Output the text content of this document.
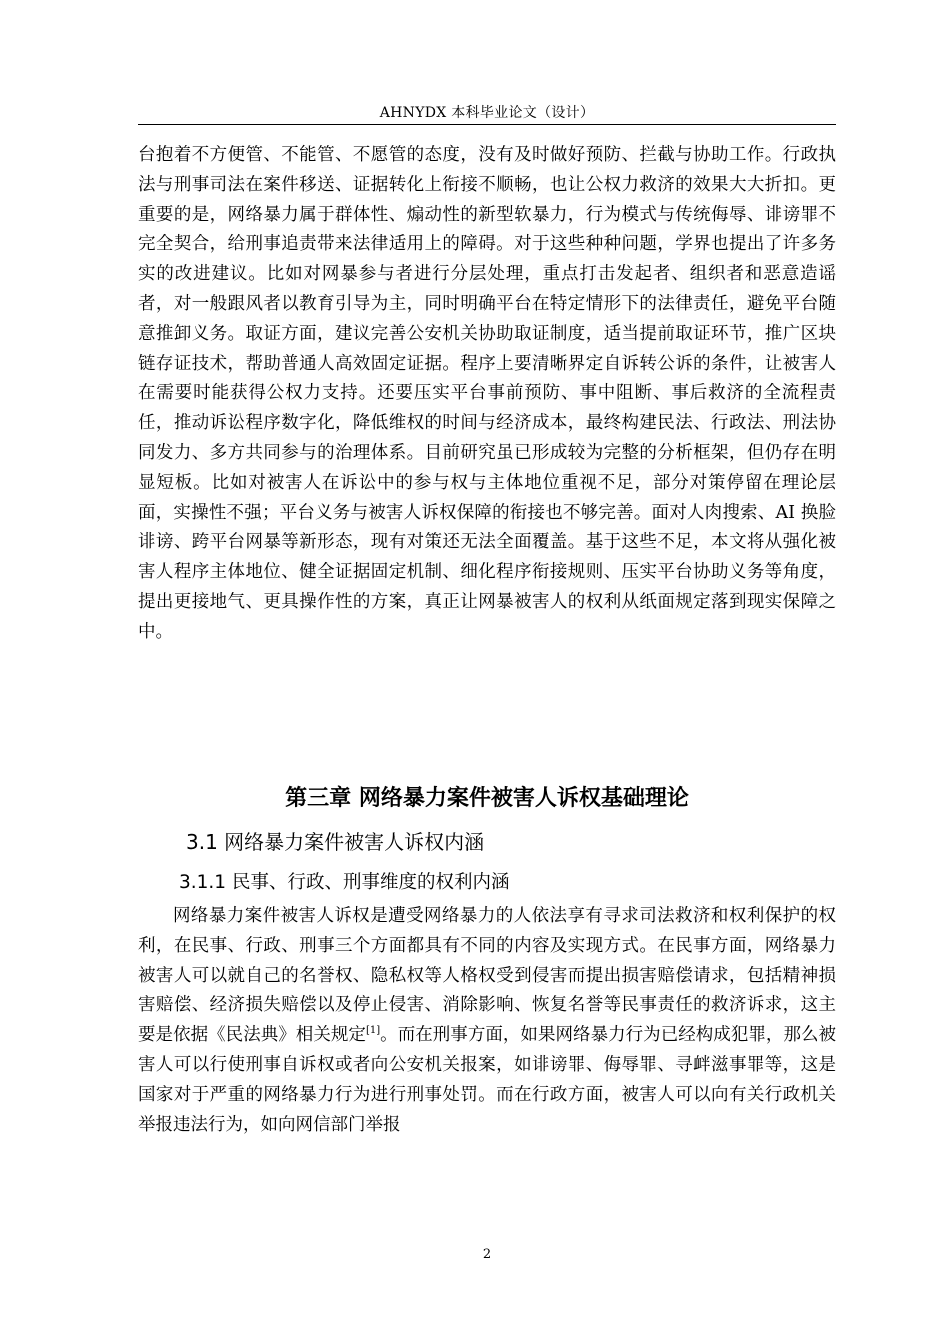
AHNYDX 本科毕业论文（设计）

台抱着不方便管、不能管、不愿管的态度，没有及时做好预防、拦截与协助工作。行政执法与刑事司法在案件移送、证据转化上衔接不顺畅，也让公权力救济的效果大大折扣。更重要的是，网络暴力属于群体性、煽动性的新型软暴力，行为模式与传统侮辱、诽谤罪不完全契合，给刑事追责带来法律适用上的障碍。对于这些种种问题，学界也提出了许多务实的改进建议。比如对网暴参与者进行分层处理，重点打击发起者、组织者和恶意造谣者，对一般跟风者以教育引导为主，同时明确平台在特定情形下的法律责任，避免平台随意推卸义务。取证方面，建议完善公安机关协助取证制度，适当提前取证环节，推广区块链存证技术，帮助普通人高效固定证据。程序上要清晰界定自诉转公诉的条件，让被害人在需要时能获得公权力支持。还要压实平台事前预防、事中阻断、事后救济的全流程责任，推动诉讼程序数字化，降低维权的时间与经济成本，最终构建民法、行政法、刑法协同发力、多方共同参与的治理体系。目前研究虽已形成较为完整的分析框架，但仍存在明显短板。比如对被害人在诉讼中的参与权与主体地位重视不足，部分对策停留在理论层面，实操性不强；平台义务与被害人诉权保障的衔接也不够完善。面对人肉搜索、AI 换脸诽谤、跨平台网暴等新形态，现有对策还无法全面覆盖。基于这些不足，本文将从强化被害人程序主体地位、健全证据固定机制、细化程序衔接规则、压实平台协助义务等角度，提出更接地气、更具操作性的方案，真正让网暴被害人的权利从纸面规定落到现实保障之中。

第三章 网络暴力案件被害人诉权基础理论
3.1 网络暴力案件被害人诉权内涵
3.1.1 民事、行政、刑事维度的权利内涵

网络暴力案件被害人诉权是遭受网络暴力的人依法享有寻求司法救济和权利保护的权利，在民事、行政、刑事三个方面都具有不同的内容及实现方式。在民事方面，网络暴力被害人可以就自己的名誉权、隐私权等人格权受到侵害而提出损害赔偿请求，包括精神损害赔偿、经济损失赔偿以及停止侵害、消除影响、恢复名誉等民事责任的救济诉求，这主要是依据《民法典》相关规定[1]。而在刑事方面，如果网络暴力行为已经构成犯罪，那么被害人可以行使刑事自诉权或者向公安机关报案，如诽谤罪、侮辱罪、寻衅滋事罪等，这是国家对于严重的网络暴力行为进行刑事处罚。而在行政方面，被害人可以向有关行政机关举报违法行为，如向网信部门举报

2
